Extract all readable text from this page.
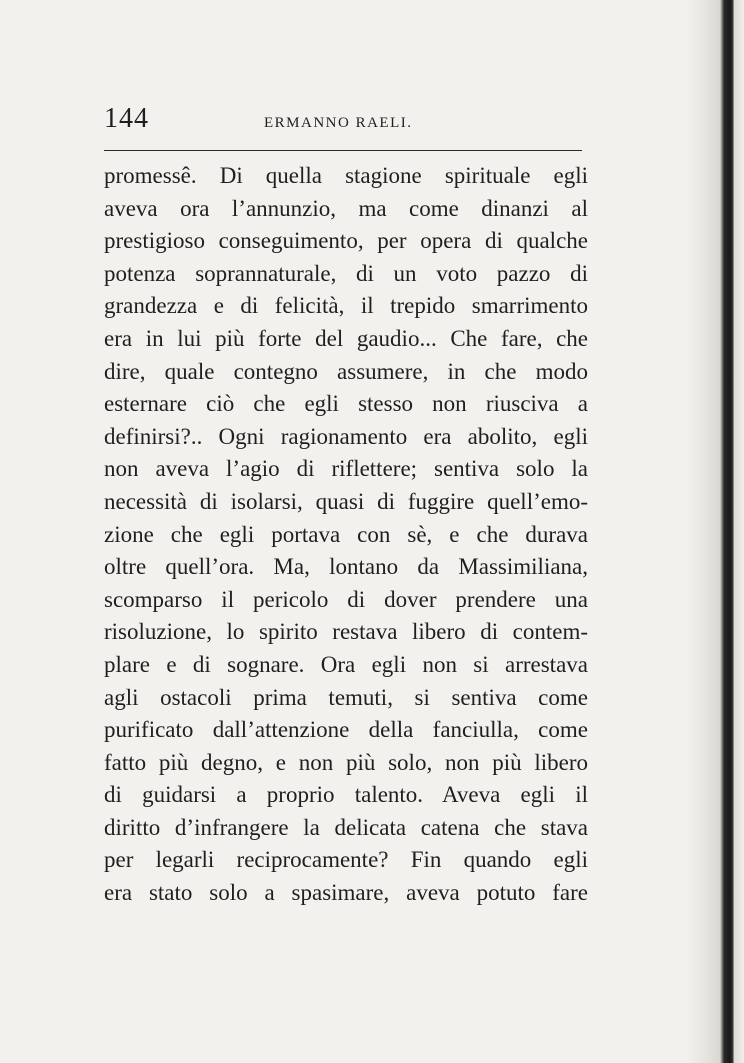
144	ERMANNO RAELI.
promessê. Di quella stagione spirituale egli
aveva ora l’annunzio, ma come dinanzi al
prestigioso conseguimento, per opera di qualche
potenza soprannaturale, di un voto pazzo di
grandezza e di felicità, il trepido smarrimento
era in lui più forte del gaudio... Che fare, che
dire, quale contegno assumere, in che modo
esternare ciò che egli stesso non riusciva a
definirsi?.. Ogni ragionamento era abolito, egli
non aveva l’agio di riflettere; sentiva solo la
necessità di isolarsi, quasi di fuggire quell’emo-
zione che egli portava con sè, e che durava
oltre quell’ora. Ma, lontano da Massimiliana,
scomparso il pericolo di dover prendere una
risoluzione, lo spirito restava libero di contem-
plare e di sognare. Ora egli non si arrestava
agli ostacoli prima temuti, si sentiva come
purificato dall’attenzione della fanciulla, come
fatto più degno, e non più solo, non più libero
di guidarsi a proprio talento. Aveva egli il
diritto d’infrangere la delicata catena che stava
per legarli reciprocamente? Fin quando egli
era stato solo a spasimare, aveva potuto fare
